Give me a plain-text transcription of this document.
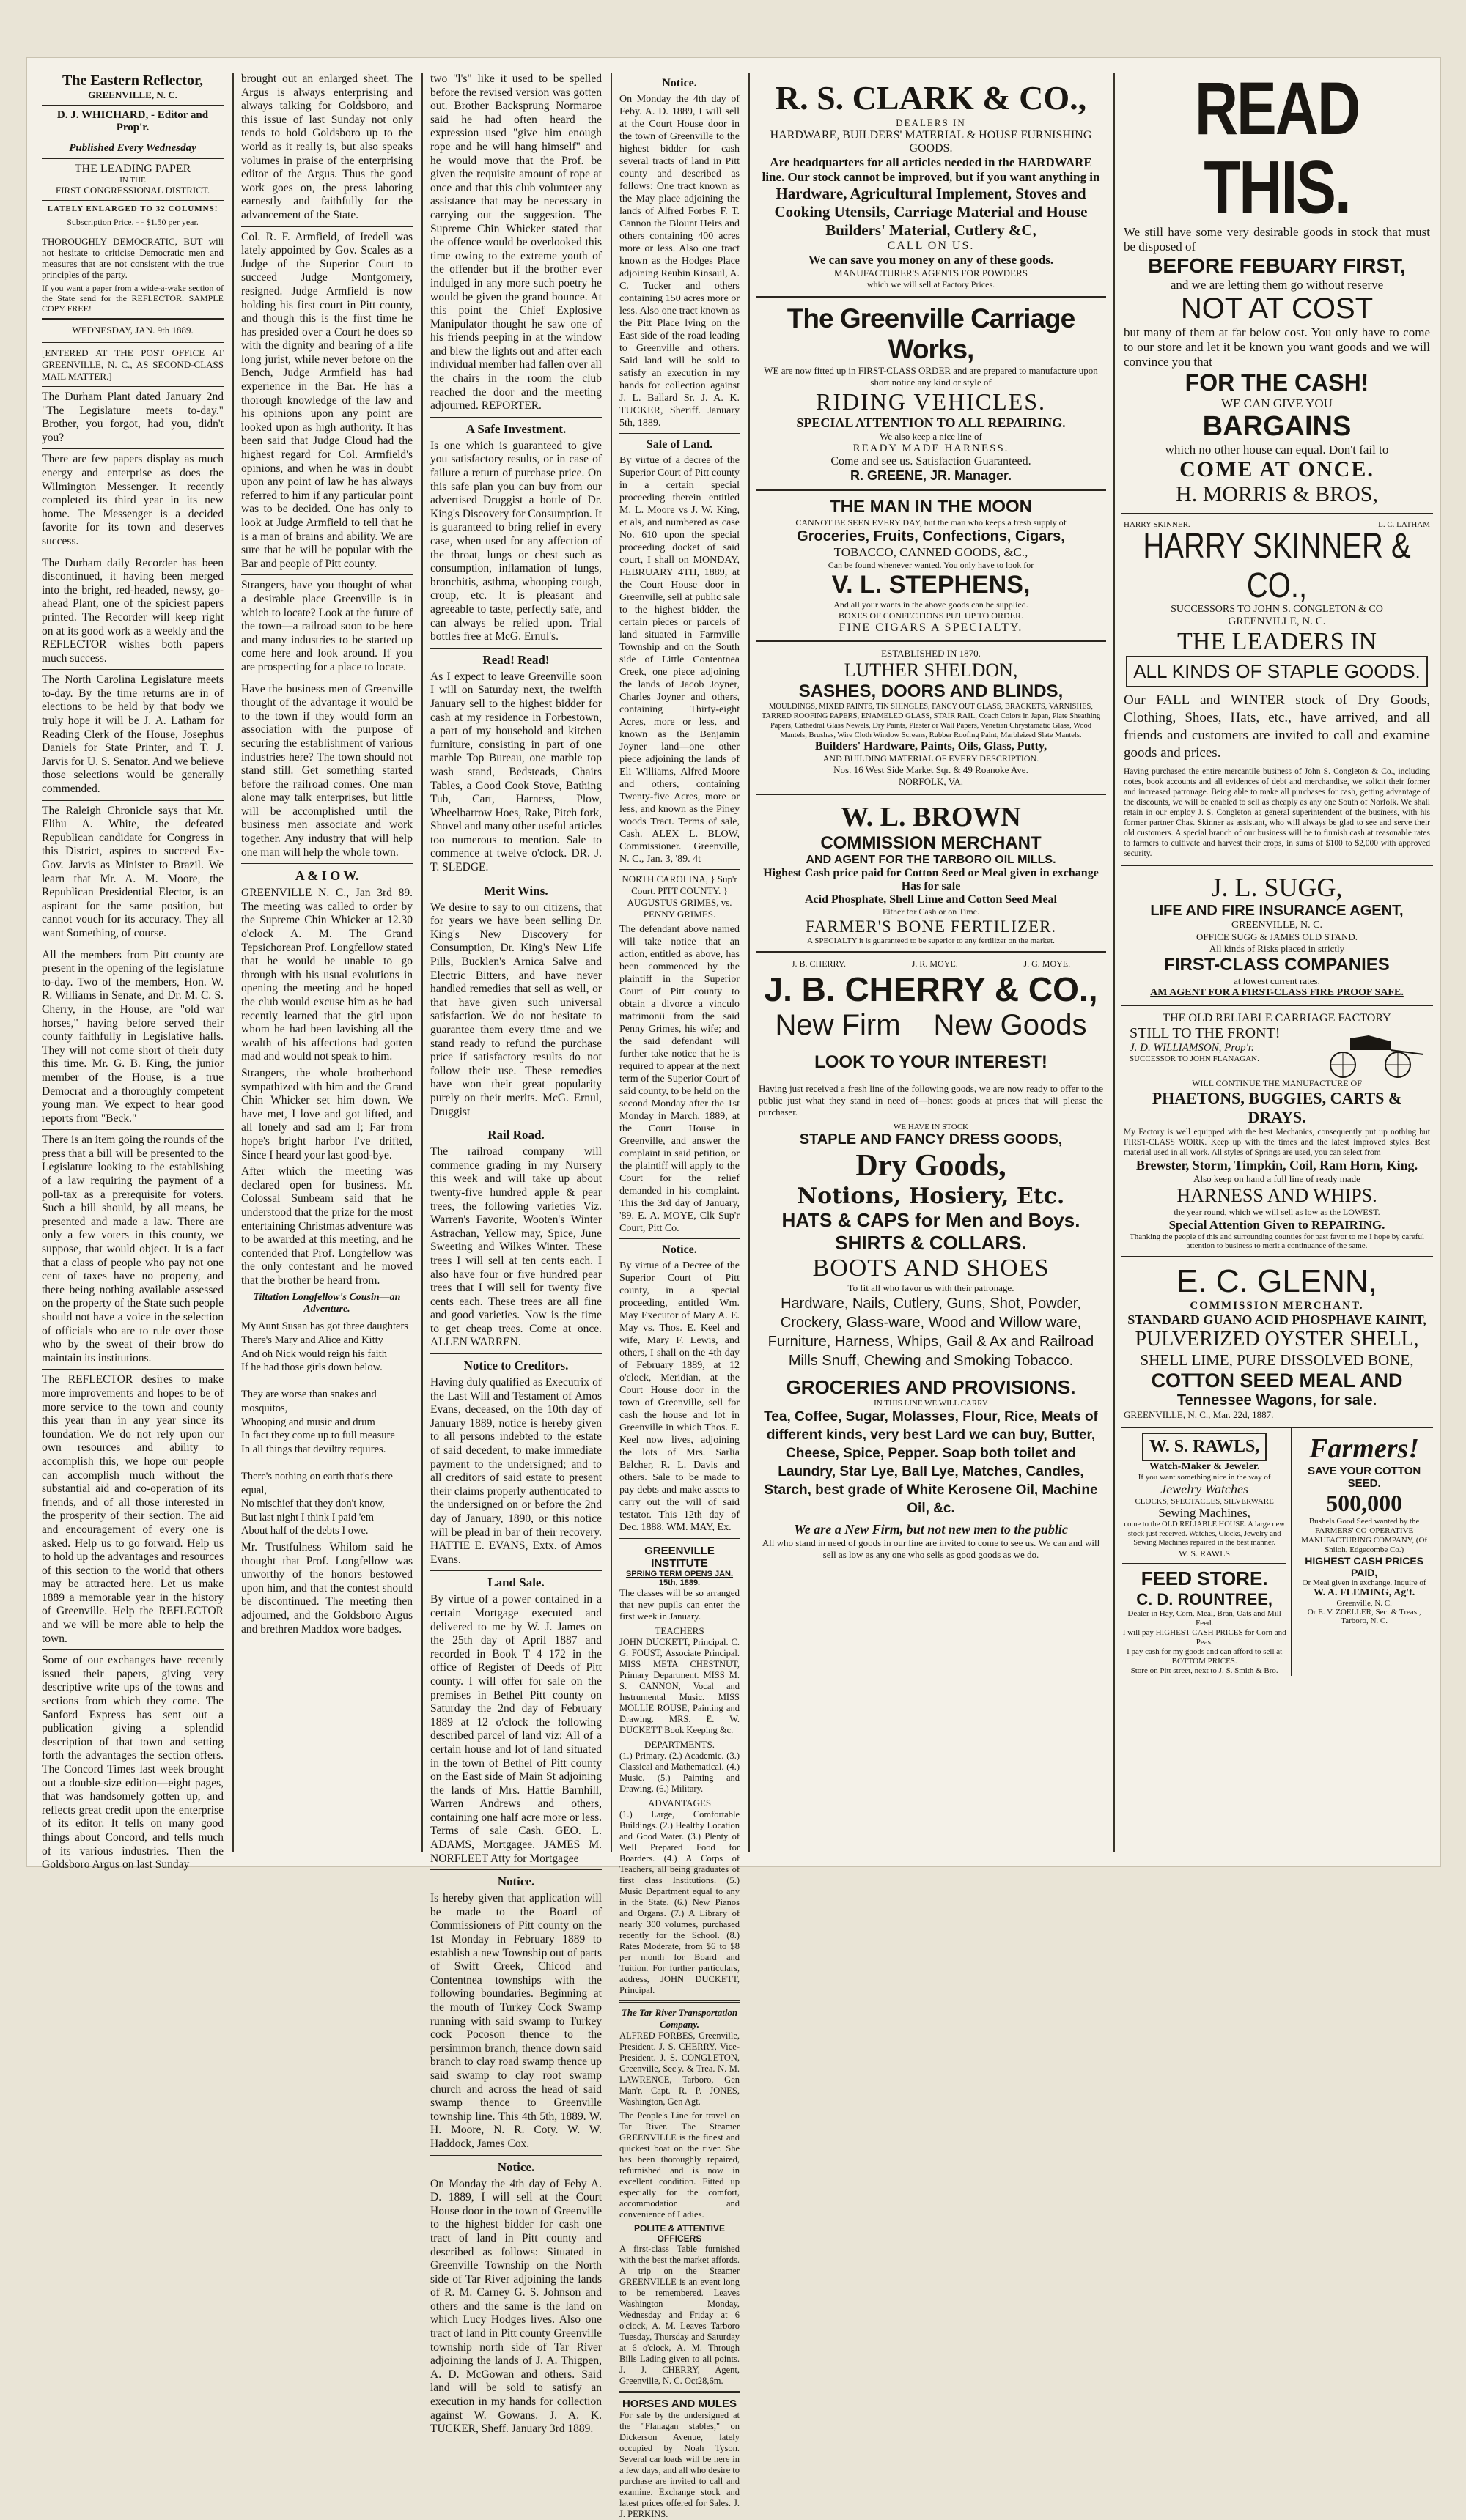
The Eastern Reflector,
GREENVILLE, N. C.
D. J. WHICHARD, - Editor and Prop'r.
Published Every Wednesday
THE LEADING PAPER
IN THE
FIRST CONGRESSIONAL DISTRICT.
LATELY ENLARGED TO 32 COLUMNS!
Subscription Price. - - $1.50 per year.

THOROUGHLY DEMOCRATIC, BUT will not hesitate to criticise Democratic men and measures that are not consistent with the true principles of the party.

If you want a paper from a wide-a-wake section of the State send for the REFLECTOR. SAMPLE COPY FREE!

WEDNESDAY, JAN. 9th 1889.

[ENTERED AT THE POST OFFICE AT GREENVILLE, N. C., AS SECOND-CLASS MAIL MATTER.]

The Durham Plant dated January 2nd "The Legislature meets to-day." Brother, you forgot, had you, didn't you?

There are few papers display as much energy and enterprise as does the Wilmington Messenger. It recently completed its third year in its new home. The Messenger is a decided favorite for its town and deserves success.

The Durham daily Recorder has been discontinued, it having been merged into the bright, red-headed, newsy, go-ahead Plant, one of the spiciest papers printed. The Recorder will keep right on at its good work as a weekly and the REFLECTOR wishes both papers much success.

The North Carolina Legislature meets to-day. By the time returns are in of elections to be held by that body we truly hope it will be J. A. Latham for Reading Clerk of the House, Josephus Daniels for State Printer, and T. J. Jarvis for U. S. Senator. And we believe those selections would be generally commended.

The Raleigh Chronicle says that Mr. Elihu A. White, the defeated Republican candidate for Congress in this District, aspires to succeed Ex-Gov. Jarvis as Minister to Brazil. We learn that Mr. A. M. Moore, the Republican Presidential Elector, is an aspirant for the same position, but cannot vouch for its accuracy. They all want Something, of course.

All the members from Pitt county are present in the opening of the legislature to-day. Two of the members, Hon. W. R. Williams in Senate, and Dr. M. C. S. Cherry, in the House, are "old war horses," having before served their county faithfully in Legislative halls. They will not come short of their duty this time. Mr. G. B. King, the junior member of the House, is a true Democrat and a thoroughly competent young man. We expect to hear good reports from "Beck."

There is an item going the rounds of the press that a bill will be presented to the Legislature looking to the establishing of a law requiring the payment of a poll-tax as a prerequisite for voters. Such a bill should, by all means, be presented and made a law. There are only a few voters in this county, we suppose, that would object. It is a fact that a class of people who pay not one cent of taxes have no property, and there being nothing available assessed on the property of the State such people should not have a voice in the selection of officials who are to rule over those who by the sweat of their brow do maintain its institutions.

The REFLECTOR desires to make more improvements and hopes to be of more service to the town and county this year than in any year since its foundation. We do not rely upon our own resources and ability to accomplish this, we hope our people can accomplish much without the substantial aid and co-operation of its friends, and of all those interested in the prosperity of their section. The aid and encouragement of every one is asked. Help us to go forward. Help us to hold up the advantages and resources of this section to the world that others may be attracted here. Let us make 1889 a memorable year in the history of Greenville. Help the REFLECTOR and we will be more able to help the town.

Some of our exchanges have recently issued their papers, giving very descriptive write ups of the towns and sections from which they come. The Sanford Express has sent out a publication giving a splendid description of that town and setting forth the advantages the section offers. The Concord Times last week brought out a double-size edition—eight pages, that was handsomely gotten up, and reflects great credit upon the enterprise of its editor. It tells on many good things about Concord, and tells much of its various industries. Then the Goldsboro Argus on last Sunday

brought out an enlarged sheet. The Argus is always enterprising and always talking for Goldsboro, and this issue of last Sunday not only tends to hold Goldsboro up to the world as it really is, but also speaks volumes in praise of the enterprising editor of the Argus. Thus the good work goes on, the press laboring earnestly and faithfully for the advancement of the State.

Col. R. F. Armfield, of Iredell was lately appointed by Gov. Scales as a Judge of the Superior Court to succeed Judge Montgomery, resigned. Judge Armfield is now holding his first court in Pitt county, and though this is the first time he has presided over a Court he does so with the dignity and bearing of a life long jurist, while never before on the Bench, Judge Armfield has had experience in the Bar. He has a thorough knowledge of the law and his opinions upon any point are looked upon as high authority. It has been said that Judge Cloud had the highest regard for Col. Armfield's opinions, and when he was in doubt upon any point of law he has always referred to him if any particular point was to be decided. One has only to look at Judge Armfield to tell that he is a man of brains and ability. We are sure that he will be popular with the Bar and people of Pitt county.

Strangers, have you thought of what a desirable place Greenville is in which to locate? Look at the future of the town—a railroad soon to be here and many industries to be started up come here and look around. If you are prospecting for a place to locate.

Have the business men of Greenville thought of the advantage it would be to the town if they would form an association with the purpose of securing the establishment of various industries here? The town should not stand still. Get something started before the railroad comes. One man alone may talk enterprises, but little will be accomplished until the business men associate and work together. Any industry that will help one man will help the whole town.

A & I O W.

GREENVILLE N. C., Jan 3rd 89. The meeting was called to order by the Supreme Chin Whicker at 12.30 o'clock A. M. The Grand Tepsichorean Prof. Longfellow stated that he would be unable to go through with his usual evolutions in opening the meeting and he hoped the club would excuse him as he had recently learned that the girl upon whom he had been lavishing all the wealth of his affections had gotten mad and would not speak to him.

Strangers, the whole brotherhood sympathized with him and the Grand Chin Whicker set him down. We have met, I love and got lifted, and all lonely and sad am I; Far from hope's bright harbor I've drifted, Since I heard your last good-bye.

After which the meeting was declared open for business. Mr. Colossal Sunbeam said that he understood that the prize for the most entertaining Christmas adventure was to be awarded at this meeting, and he contended that Prof. Longfellow was the only contestant and he moved that the brother be heard from.

Tiltation Longfellow's Cousin—an Adventure.

My Aunt Susan has got three daughters
There's Mary and Alice and Kitty
And oh Nick would reign his faith
If he had those girls down below.

They are worse than snakes and mosquitos,
Whooping and music and drum
In fact they come up to full measure
In all things that deviltry requires.

There's nothing on earth that's there equal,
No mischief that they don't know,
But last night I think I paid 'em
About half of the debts I owe.

Mr. Trustfulness Whilom said he thought that Prof. Longfellow was unworthy of the honors bestowed upon him, and that the contest should be discontinued. The meeting then adjourned, and the Goldsboro Argus and brethren Maddox wore badges.

two "l's" like it used to be spelled before the revised version was gotten out. Brother Backsprung Normaroe said he had often heard the expression used "give him enough rope and he will hang himself" and he would move that the Prof. be given the requisite amount of rope at once and that this club volunteer any assistance that may be necessary in carrying out the suggestion. The Supreme Chin Whicker stated that the offence would be overlooked this time owing to the extreme youth of the offender but if the brother ever indulged in any more such poetry he would be given the grand bounce. At this point the Chief Explosive Manipulator thought he saw one of his friends peeping in at the window and blew the lights out and after each individual member had fallen over all the chairs in the room the club reached the door and the meeting adjourned. REPORTER.

A Safe Investment.

Is one which is guaranteed to give you satisfactory results, or in case of failure a return of purchase price. On this safe plan you can buy from our advertised Druggist a bottle of Dr. King's Discovery for Consumption. It is guaranteed to bring relief in every case, when used for any affection of the throat, lungs or chest such as consumption, inflamation of lungs, bronchitis, asthma, whooping cough, croup, etc. It is pleasant and agreeable to taste, perfectly safe, and can always be relied upon. Trial bottles free at McG. Ernul's.

Read! Read!

As I expect to leave Greenville soon I will on Saturday next, the twelfth January sell to the highest bidder for cash at my residence in Forbestown, a part of my household and kitchen furniture, consisting in part of one marble Top Bureau, one marble top wash stand, Bedsteads, Chairs Tables, a Good Cook Stove, Bathing Tub, Cart, Harness, Plow, Wheelbarrow Hoes, Rake, Pitch fork, Shovel and many other useful articles too numerous to mention. Sale to commence at twelve o'clock. DR. J. T. SLEDGE.

Merit Wins.

We desire to say to our citizens, that for years we have been selling Dr. King's New Discovery for Consumption, Dr. King's New Life Pills, Bucklen's Arnica Salve and Electric Bitters, and have never handled remedies that sell as well, or that have given such universal satisfaction. We do not hesitate to guarantee them every time and we stand ready to refund the purchase price if satisfactory results do not follow their use. These remedies have won their great popularity purely on their merits. McG. Ernul, Druggist

Rail Road.

The railroad company will commence grading in my Nursery this week and will take up about twenty-five hundred apple & pear trees, the following varieties Viz. Warren's Favorite, Wooten's Winter Astrachan, Yellow may, Spice, June Sweeting and Wilkes Winter. These trees I will sell at ten cents each. I also have four or five hundred pear trees that I will sell for twenty five cents each. These trees are all fine and good varieties. Now is the time to get cheap trees. Come at once. ALLEN WARREN.

Notice to Creditors.

Having duly qualified as Executrix of the Last Will and Testament of Amos Evans, deceased, on the 10th day of January 1889, notice is hereby given to all persons indebted to the estate of said decedent, to make immediate payment to the undersigned; and to all creditors of said estate to present their claims properly authenticated to the undersigned on or before the 2nd day of January, 1890, or this notice will be plead in bar of their recovery. HATTIE E. EVANS, Extx. of Amos Evans.

Land Sale.

By virtue of a power contained in a certain Mortgage executed and delivered to me by W. J. James on the 25th day of April 1887 and recorded in Book T 4 172 in the office of Register of Deeds of Pitt county. I will offer for sale on the premises in Bethel Pitt county on Saturday the 2nd day of February 1889 at 12 o'clock the following described parcel of land viz: All of a certain house and lot of land situated in the town of Bethel of Pitt county on the East side of Main St adjoining the lands of Mrs. Hattie Barnhill, Warren Andrews and others, containing one half acre more or less. Terms of sale Cash. GEO. L. ADAMS, Mortgagee. JAMES M. NORFLEET Atty for Mortgagee

Notice.

Is hereby given that application will be made to the Board of Commissioners of Pitt county on the 1st Monday in February 1889 to establish a new Township out of parts of Swift Creek, Chicod and Contentnea townships with the following boundaries. Beginning at the mouth of Turkey Cock Swamp running with said swamp to Turkey cock Pocoson thence to the persimmon branch, thence down said branch to clay road swamp thence up said swamp to clay root swamp church and across the head of said swamp thence to Greenville township line. This 4th 5th, 1889. W. H. Moore, N. R. Coty. W. W. Haddock, James Cox.

Notice.

On Monday the 4th day of Feby A. D. 1889, I will sell at the Court House door in the town of Greenville to the highest bidder for cash one tract of land in Pitt county and described as follows: Situated in Greenville Township on the North side of Tar River adjoining the lands of R. M. Carney G. S. Johnson and others and the same is the land on which Lucy Hodges lives. Also one tract of land in Pitt county Greenville township north side of Tar River adjoining the lands of J. A. Thigpen, A. D. McGowan and others. Said land will be sold to satisfy an execution in my hands for collection against W. Gowans. J. A. K. TUCKER, Sheff. January 3rd 1889.

Notice.

On Monday the 4th day of Feby. A. D. 1889, I will sell at the Court House door in the town of Greenville to the highest bidder for cash several tracts of land in Pitt county and described as follows: One tract known as the May place adjoining the lands of Alfred Forbes F. T. Cannon the Blount Heirs and others containing 400 acres more or less. Also one tract known as the Hodges Place adjoining Reubin Kinsaul, A. C. Tucker and others containing 150 acres more or less. Also one tract known as the Pitt Place lying on the East side of the road leading to Greenville and others. Said land will be sold to satisfy an execution in my hands for collection against J. L. Ballard Sr. J. A. K. TUCKER, Sheriff. January 5th, 1889.

Sale of Land.

By virtue of a decree of the Superior Court of Pitt county in a certain special proceeding therein entitled M. L. Moore vs J. W. King, et als, and numbered as case No. 610 upon the special proceeding docket of said court, I shall on MONDAY, FEBRUARY 4TH, 1889, at the Court House door in Greenville, sell at public sale to the highest bidder, the certain pieces or parcels of land situated in Farmville Township and on the South side of Little Contentnea Creek, one piece adjoining the lands of Jacob Joyner, Charles Joyner and others, containing Thirty-eight Acres, more or less, and known as the Benjamin Joyner land—one other piece adjoining the lands of Eli Williams, Alfred Moore and others, containing Twenty-five Acres, more or less, and known as the Piney woods Tract. Terms of sale, Cash. ALEX L. BLOW, Commissioner. Greenville, N. C., Jan. 3, '89. 4t

NORTH CAROLINA, } Sup'r Court. PITT COUNTY. } AUGUSTUS GRIMES, vs. PENNY GRIMES.

The defendant above named will take notice that an action, entitled as above, has been commenced by the plaintiff in the Superior Court of Pitt county to obtain a divorce a vinculo matrimonii from the said Penny Grimes, his wife; and the said defendant will further take notice that he is required to appear at the next term of the Superior Court of said county, to be held on the second Monday after the 1st Monday in March, 1889, at the Court House in Greenville, and answer the complaint in said petition, or the plaintiff will apply to the Court for the relief demanded in his complaint. This the 3rd day of January, '89. E. A. MOYE, Clk Sup'r Court, Pitt Co.

Notice.

By virtue of a Decree of the Superior Court of Pitt county, in a special proceeding, entitled Wm. May Executor of Mary A. E. May vs. Thos. E. Keel and wife, Mary F. Lewis, and others, I shall on the 4th day of February 1889, at 12 o'clock, Meridian, at the Court House door in the town of Greenville, sell for cash the house and lot in Greenville in which Thos. E. Keel now lives, adjoining the lots of Mrs. Sarlia Belcher, R. L. Davis and others. Sale to be made to pay debts and make assets to carry out the will of said testator. This 12th day of Dec. 1888. WM. MAY, Ex.

GREENVILLE INSTITUTE
SPRING TERM OPENS JAN. 15th, 1889.

The classes will be so arranged that new pupils can enter the first week in January.

TEACHERS

JOHN DUCKETT, Principal. C. G. FOUST, Associate Principal. MISS META CHESTNUT, Primary Department. MISS M. S. CANNON, Vocal and Instrumental Music. MISS MOLLIE ROUSE, Painting and Drawing. MRS. E. W. DUCKETT Book Keeping &c.

DEPARTMENTS.

(1.) Primary. (2.) Academic. (3.) Classical and Mathematical. (4.) Music. (5.) Painting and Drawing. (6.) Military.

ADVANTAGES

(1.) Large, Comfortable Buildings. (2.) Healthy Location and Good Water. (3.) Plenty of Well Prepared Food for Boarders. (4.) A Corps of Teachers, all being graduates of first class Institutions. (5.) Music Department equal to any in the State. (6.) New Pianos and Organs. (7.) A Library of nearly 300 volumes, purchased recently for the School. (8.) Rates Moderate, from $6 to $8 per month for Board and Tuition. For further particulars, address, JOHN DUCKETT, Principal.

The Tar River Transportation Company.

ALFRED FORBES, Greenville, President. J. S. CHERRY, Vice-President. J. S. CONGLETON, Greenville, Sec'y. & Trea. N. M. LAWRENCE, Tarboro, Gen Man'r. Capt. R. P. JONES, Washington, Gen Agt.

The People's Line for travel on Tar River. The Steamer GREENVILLE is the finest and quickest boat on the river. She has been thoroughly repaired, refurnished and is now in excellent condition. Fitted up especially for the comfort, accommodation and convenience of Ladies.

POLITE & ATTENTIVE OFFICERS

A first-class Table furnished with the best the market affords. A trip on the Steamer GREENVILLE is an event long to be remembered. Leaves Washington Monday, Wednesday and Friday at 6 o'clock, A. M. Leaves Tarboro Tuesday, Thursday and Saturday at 6 o'clock, A. M. Through Bills Lading given to all points. J. J. CHERRY, Agent, Greenville, N. C. Oct28,6m.

HORSES AND MULES

For sale by the undersigned at the "Flanagan stables," on Dickerson Avenue, lately occupied by Noah Tyson. Several car loads will be here in a few days, and all who desire to purchase are invited to call and examine. Exchange stock and latest prices offered for Sales. J. J. PERKINS.

R. S. CLARK & CO.,
DEALERS IN
HARDWARE, BUILDERS' MATERIAL & HOUSE FURNISHING GOODS.
Are headquarters for all articles needed in the HARDWARE line. Our stock cannot be improved, but if you want anything in
Hardware, Agricultural Implement, Stoves and Cooking Utensils, Carriage Material and House Builders' Material, Cutlery &C,
CALL ON US.
We can save you money on any of these goods.
MANUFACTURER'S AGENTS FOR POWDERS
which we will sell at Factory Prices.
The Greenville Carriage Works,
WE are now fitted up in FIRST-CLASS ORDER and are prepared to manufacture upon short notice any kind or style of
RIDING VEHICLES.
SPECIAL ATTENTION TO ALL REPAIRING.
We also keep a nice line of
READY MADE HARNESS.
Come and see us. Satisfaction Guaranteed.
R. GREENE, JR. Manager.
THE MAN IN THE MOON
CANNOT BE SEEN EVERY DAY, but the man who keeps a fresh supply of
Groceries, Fruits, Confections, Cigars,
TOBACCO, CANNED GOODS, &C.,
Can be found whenever wanted. You only have to look for
V. L. STEPHENS,
And all your wants in the above goods can be supplied.
BOXES OF CONFECTIONS PUT UP TO ORDER.
FINE CIGARS A SPECIALTY.
ESTABLISHED IN 1870.
LUTHER SHELDON,
SASHES, DOORS AND BLINDS,
MOULDINGS, MIXED PAINTS, TIN SHINGLES, FANCY OUT GLASS, BRACKETS, VARNISHES, TARRED ROOFING PAPERS, ENAMELED GLASS, STAIR RAIL, Coach Colors in Japan, Plate Sheathing Papers, Cathedral Glass Newels, Dry Paints, Plaster or Wall Papers, Venetian Chrystamatic Glass, Wood Mantels, Brushes, Wire Cloth Window Screens, Rubber Roofing Paint, Marbleized Slate Mantels.
Builders' Hardware, Paints, Oils, Glass, Putty,
AND BUILDING MATERIAL OF EVERY DESCRIPTION.
Nos. 16 West Side Market Sqr. & 49 Roanoke Ave.
NORFOLK, VA.
W. L. BROWN
COMMISSION MERCHANT
AND AGENT FOR THE TARBORO OIL MILLS.
Highest Cash price paid for Cotton Seed or Meal given in exchange Has for sale
Acid Phosphate, Shell Lime and Cotton Seed Meal
Either for Cash or on Time.
FARMER'S BONE FERTILIZER.
A SPECIALTY it is guaranteed to be superior to any fertilizer on the market.
J. B. CHERRY.	J. R. MOYE.	J. G. MOYE.
J. B. CHERRY & CO.,
New Firm New Goods
LOOK TO YOUR INTEREST!
Having just received a fresh line of the following goods, we are now ready to offer to the public just what they stand in need of—honest goods at prices that will please the purchaser.
WE HAVE IN STOCK
STAPLE AND FANCY DRESS GOODS,
Dry Goods,
Notions, Hosiery, Etc.
HATS & CAPS for Men and Boys.
SHIRTS & COLLARS.
BOOTS AND SHOES
To fit all who favor us with their patronage.
Hardware, Nails, Cutlery, Guns, Shot, Powder, Crockery, Glass-ware, Wood and Willow ware, Furniture, Harness, Whips, Gail & Ax and Railroad Mills Snuff, Chewing and Smoking Tobacco.
GROCERIES AND PROVISIONS.
IN THIS LINE WE WILL CARRY
Tea, Coffee, Sugar, Molasses, Flour, Rice, Meats of different kinds, very best Lard we can buy, Butter, Cheese, Spice, Pepper. Soap both toilet and Laundry, Star Lye, Ball Lye, Matches, Candles, Starch, best grade of White Kerosene Oil, Machine Oil, &c.
We are a New Firm, but not new men to the public
All who stand in need of goods in our line are invited to come to see us. We can and will sell as low as any one who sells as good goods as we do.
READ THIS.
We still have some very desirable goods in stock that must be disposed of
BEFORE FEBUARY FIRST,
and we are letting them go without reserve
NOT AT COST
but many of them at far below cost. You only have to come to our store and let it be known you want goods and we will convince you that
FOR THE CASH!
WE CAN GIVE YOU
BARGAINS
which no other house can equal. Don't fail to
COME AT ONCE.
H. MORRIS & BROS,
HARRY SKINNER.	L. C. LATHAM
HARRY SKINNER & CO.,
SUCCESSORS TO JOHN S. CONGLETON & CO
GREENVILLE, N. C.
THE LEADERS IN
ALL KINDS OF STAPLE GOODS.
Our FALL and WINTER stock of Dry Goods, Clothing, Shoes, Hats, etc., have arrived, and all friends and customers are invited to call and examine goods and prices.
Having purchased the entire mercantile business of John S. Congleton & Co., including notes, book accounts and all evidences of debt and merchandise, we solicit their former and increased patronage. Being able to make all purchases for cash, getting advantage of the discounts, we will be enabled to sell as cheaply as any one South of Norfolk. We shall retain in our employ J. S. Congleton as general superintendent of the business, with his former partner Chas. Skinner as assistant, who will always be glad to see and serve their old customers. A special branch of our business will be to furnish cash at reasonable rates to farmers to cultivate and harvest their crops, in sums of $100 to $2,000 with approved security.
J. L. SUGG,
LIFE AND FIRE INSURANCE AGENT,
GREENVILLE, N. C.
OFFICE SUGG & JAMES OLD STAND.
All kinds of Risks placed in strictly
FIRST-CLASS COMPANIES
at lowest current rates.
AM AGENT FOR A FIRST-CLASS FIRE PROOF SAFE.
THE OLD RELIABLE CARRIAGE FACTORY
STILL TO THE FRONT!
J. D. WILLIAMSON, Prop'r.
SUCCESSOR TO JOHN FLANAGAN.
WILL CONTINUE THE MANUFACTURE OF
PHAETONS, BUGGIES, CARTS & DRAYS.
My Factory is well equipped with the best Mechanics, consequently put up nothing but FIRST-CLASS WORK. Keep up with the times and the latest improved styles. Best material used in all work. All styles of Springs are used, you can select from
Brewster, Storm, Timpkin, Coil, Ram Horn, King.
Also keep on hand a full line of ready made
HARNESS AND WHIPS.
the year round, which we will sell as low as the LOWEST.
Special Attention Given to REPAIRING.
Thanking the people of this and surrounding counties for past favor to me I hope by careful attention to business to merit a continuance of the same.
E. C. GLENN,
COMMISSION MERCHANT.
STANDARD GUANO ACID PHOSPHAVE KAINIT,
PULVERIZED OYSTER SHELL,
SHELL LIME, PURE DISSOLVED BONE,
COTTON SEED MEAL AND
Tennessee Wagons, for sale.
GREENVILLE, N. C., Mar. 22d, 1887.
W. S. RAWLS,
Watch-Maker & Jeweler.
If you want something nice in the way of
Jewelry Watches
CLOCKS, SPECTACLES, SILVERWARE
Sewing Machines,
come to the OLD RELIABLE HOUSE. A large new stock just received. Watches, Clocks, Jewelry and Sewing Machines repaired in the best manner.
W. S. RAWLS
FEED STORE.
C. D. ROUNTREE,
Dealer in Hay, Corn, Meal, Bran, Oats and Mill Feed.
I will pay HIGHEST CASH PRICES for Corn and Peas.
I pay cash for my goods and can afford to sell at BOTTOM PRICES.
Store on Pitt street, next to J. S. Smith & Bro.
Farmers!
SAVE YOUR COTTON SEED.
500,000
Bushels Good Seed wanted by the FARMERS' CO-OPERATIVE MANUFACTURING COMPANY, (Of Shiloh, Edgecombe Co.)
HIGHEST CASH PRICES PAID,
Or Meal given in exchange. Inquire of
W. A. FLEMING, Ag't.
Greenville, N. C.
Or E. V. ZOELLER, Sec. & Treas., Tarboro, N. C.
